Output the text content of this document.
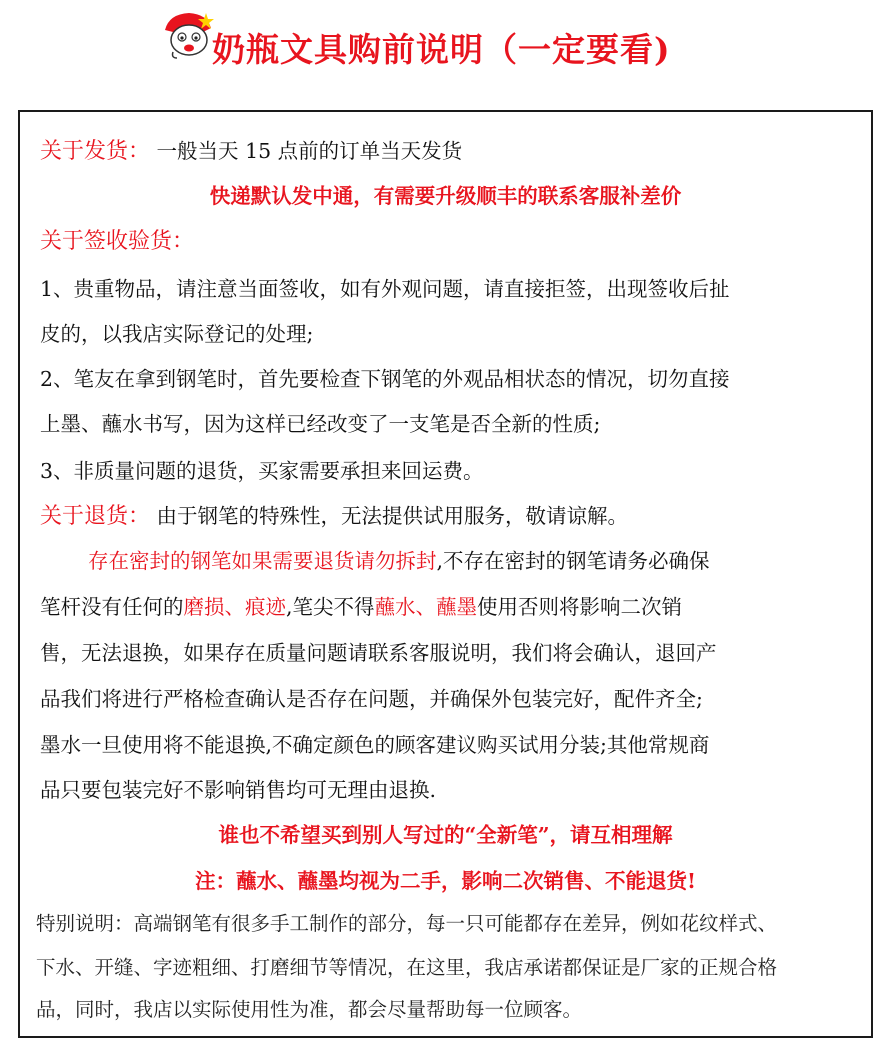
奶瓶文具购前说明（一定要看)
关于发货： 一般当天 15 点前的订单当天发货
快递默认发中通，有需要升级顺丰的联系客服补差价
关于签收验货：
1、贵重物品，请注意当面签收，如有外观问题，请直接拒签，出现签收后扯
皮的，以我店实际登记的处理;
2、笔友在拿到钢笔时，首先要检查下钢笔的外观品相状态的情况，切勿直接
上墨、蘸水书写，因为这样已经改变了一支笔是否全新的性质;
3、非质量问题的退货，买家需要承担来回运费。
关于退货： 由于钢笔的特殊性，无法提供试用服务，敬请谅解。
存在密封的钢笔如果需要退货请勿拆封,不存在密封的钢笔请务必确保
笔杆没有任何的磨损、痕迹,笔尖不得蘸水、蘸墨使用否则将影响二次销
售，无法退换，如果存在质量问题请联系客服说明，我们将会确认，退回产
品我们将进行严格检查确认是否存在问题，并确保外包装完好，配件齐全;
墨水一旦使用将不能退换,不确定颜色的顾客建议购买试用分装;其他常规商
品只要包装完好不影响销售均可无理由退换.
谁也不希望买到别人写过的“全新笔”，请互相理解
注：蘸水、蘸墨均视为二手，影响二次销售、不能退货!
特别说明：高端钢笔有很多手工制作的部分，每一只可能都存在差异，例如花纹样式、
下水、开缝、字迹粗细、打磨细节等情况，在这里，我店承诺都保证是厂家的正规合格
品，同时，我店以实际使用性为准，都会尽量帮助每一位顾客。
